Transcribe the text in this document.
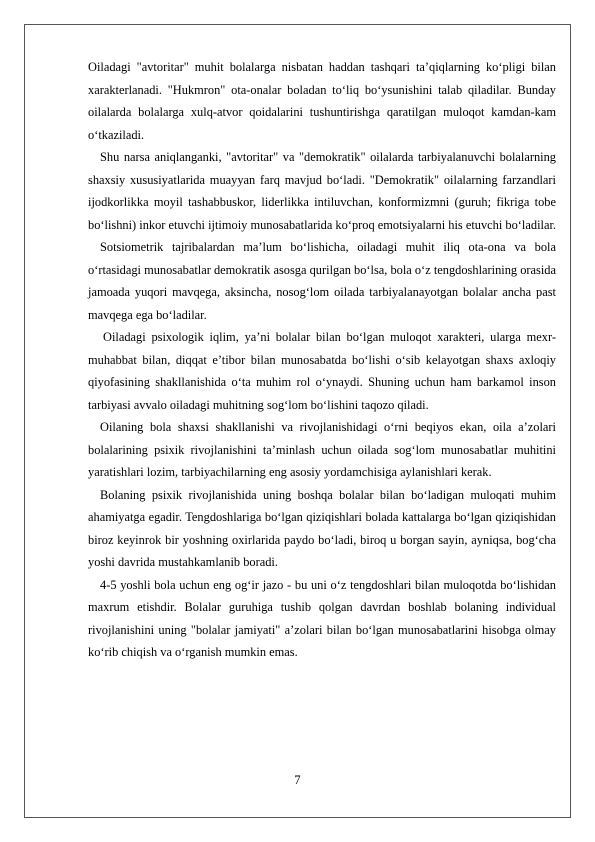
Oiladagi "avtoritar" muhit bolalarga nisbatan haddan tashqari ta’qiqlarning ko‘pligi bilan xarakterlanadi. "Hukmron" ota-onalar boladan to‘liq bo‘ysunishini talab qiladilar. Bunday oilalarda bolalarga xulq-atvor qoidalarini tushuntirishga qaratilgan muloqot kamdan-kam o‘tkaziladi.

Shu narsa aniqlanganki, "avtoritar" va "demokratik" oilalarda tarbiyalanuvchi bolalarning shaxsiy xususiyatlarida muayyan farq mavjud bo‘ladi. "Demokratik" oilalarning farzandlari ijodkorlikka moyil tashabbuskor, liderlikka intiluvchan, konformizmni (guruh; fikriga tobe bo‘lishni) inkor etuvchi ijtimoiy munosabatlarida ko‘proq emotsiyalarni his etuvchi bo‘ladilar.

Sotsiometrik tajribalardan ma’lum bo‘lishicha, oiladagi muhit iliq ota-ona va bola o‘rtasidagi munosabatlar demokratik asosga qurilgan bo‘lsa, bola o‘z tengdoshlarining orasida jamoada yuqori mavqega, aksincha, nosog‘lom oilada tarbiyalanayotgan bolalar ancha past mavqega ega bo‘ladilar.

Oiladagi psixologik iqlim, ya’ni bolalar bilan bo‘lgan muloqot xarakteri, ularga mexr-muhabbat bilan, diqqat e’tibor bilan munosabatda bo‘lishi o‘sib kelayotgan shaxs axloqiy qiyofasining shakllanishida o‘ta muhim rol o‘ynaydi. Shuning uchun ham barkamol inson tarbiyasi avvalo oiladagi muhitning sog‘lom bo‘lishini taqozo qiladi.

Oilaning bola shaxsi shakllanishi va rivojlanishidagi o‘rni beqiyos ekan, oila a’zolari bolalarining psixik rivojlanishini ta’minlash uchun oilada sog‘lom munosabatlar muhitini yaratishlari lozim, tarbiyachilarning eng asosiy yordamchisiga aylanishlari kerak.

Bolaning psixik rivojlanishida uning boshqa bolalar bilan bo‘ladigan muloqati muhim ahamiyatga egadir. Tengdoshlariga bo‘lgan qiziqishlari bolada kattalarga bo‘lgan qiziqishidan biroz keyinrok bir yoshning oxirlarida paydo bo‘ladi, biroq u borgan sayin, ayniqsa, bog‘cha yoshi davrida mustahkamlanib boradi.

4-5 yoshli bola uchun eng og‘ir jazo - bu uni o‘z tengdoshlari bilan muloqotda bo‘lishidan maxrum etishdir. Bolalar guruhiga tushib qolgan davrdan boshlab bolaning individual rivojlanishini uning "bolalar jamiyati" a’zolari bilan bo‘lgan munosabatlarini hisobga olmay ko‘rib chiqish va o‘rganish mumkin emas.

7
